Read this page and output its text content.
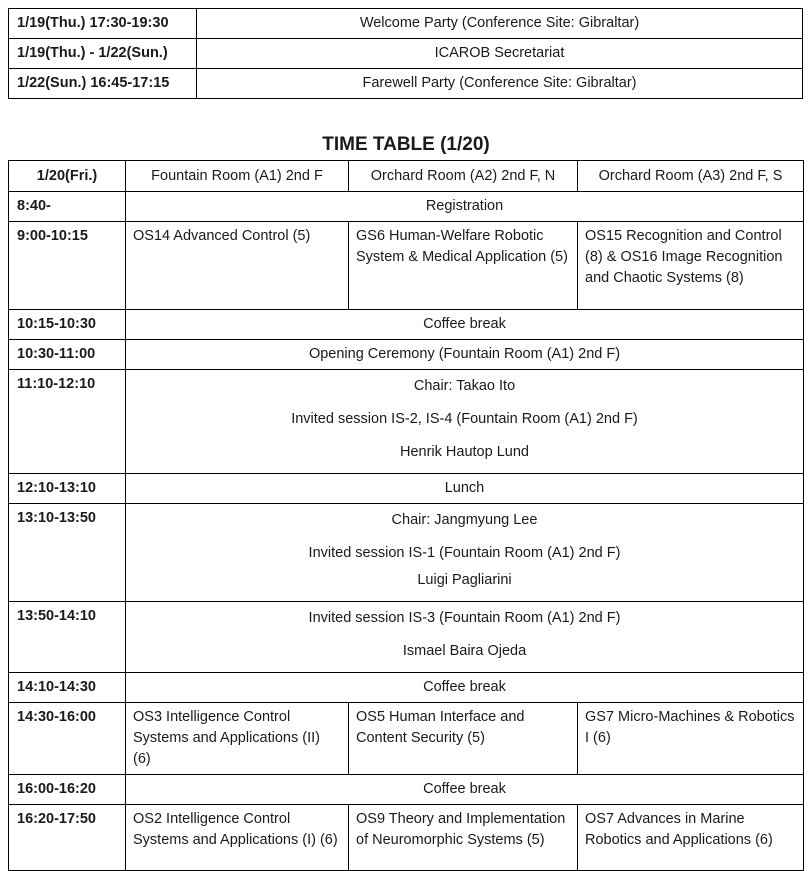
1/19(Thu.) 17:30-19:30	Welcome Party (Conference Site: Gibraltar)
1/19(Thu.) - 1/22(Sun.)	ICAROB Secretariat
1/22(Sun.) 16:45-17:15	Farewell Party (Conference Site: Gibraltar)
TIME TABLE (1/20)
1/20(Fri.)	Fountain Room (A1) 2nd F	Orchard Room (A2) 2nd F, N	Orchard Room (A3) 2nd F, S
8:40-	Registration		
9:00-10:15	OS14 Advanced Control (5)	GS6 Human-Welfare Robotic System & Medical Application (5)	OS15 Recognition and Control (8) & OS16 Image Recognition and Chaotic Systems (8)
10:15-10:30	Coffee break		
10:30-11:00	Opening Ceremony (Fountain Room (A1) 2nd F)		
11:10-12:10	Chair: Takao Ito
Invited session IS-2, IS-4 (Fountain Room (A1) 2nd F)
Henrik Hautop Lund		

12:10-13:10	Lunch		
13:10-13:50	Chair: Jangmyung Lee
Invited session IS-1 (Fountain Room (A1) 2nd F)
Luigi Pagliarini		

13:50-14:10	Invited session IS-3 (Fountain Room (A1) 2nd F)
Ismael Baira Ojeda		

14:10-14:30	Coffee break		
14:30-16:00	OS3 Intelligence Control Systems and Applications (II) (6)	OS5 Human Interface and Content Security (5)	GS7 Micro-Machines & Robotics I (6)
16:00-16:20	Coffee break		
16:20-17:50	OS2 Intelligence Control Systems and Applications (I) (6)	OS9 Theory and Implementation of Neuromorphic Systems (5)	OS7 Advances in Marine Robotics and Applications (6)
